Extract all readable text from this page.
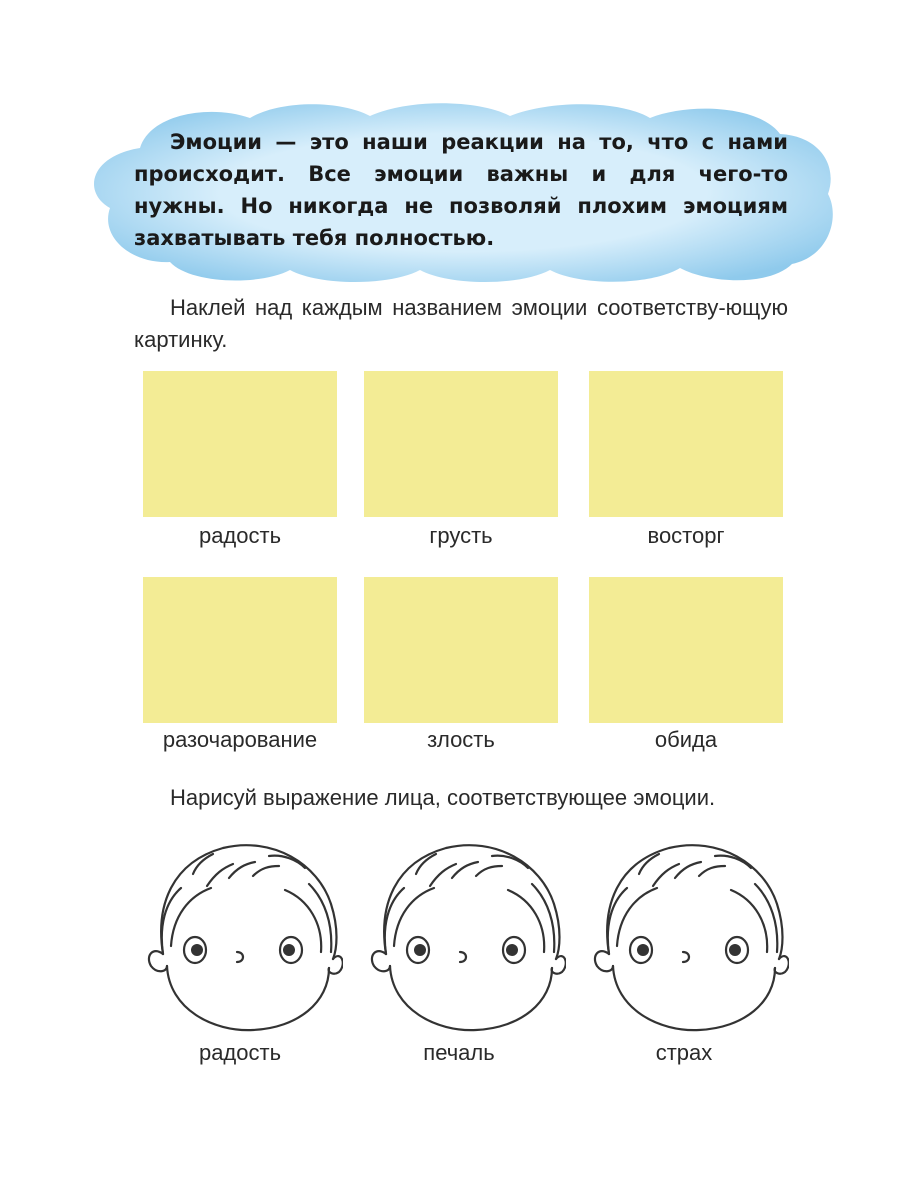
Эмоции — это наши реакции на то, что с нами происходит. Все эмоции важны и для чего-то нужны. Но никогда не позволяй плохим эмоциям захватывать тебя полностью.
Наклей над каждым названием эмоции соответству-ющую картинку.
радость	грусть	восторг
разочарование	злость	обида
Нарисуй выражение лица, соответствующее эмоции.
радость	печаль	страх
